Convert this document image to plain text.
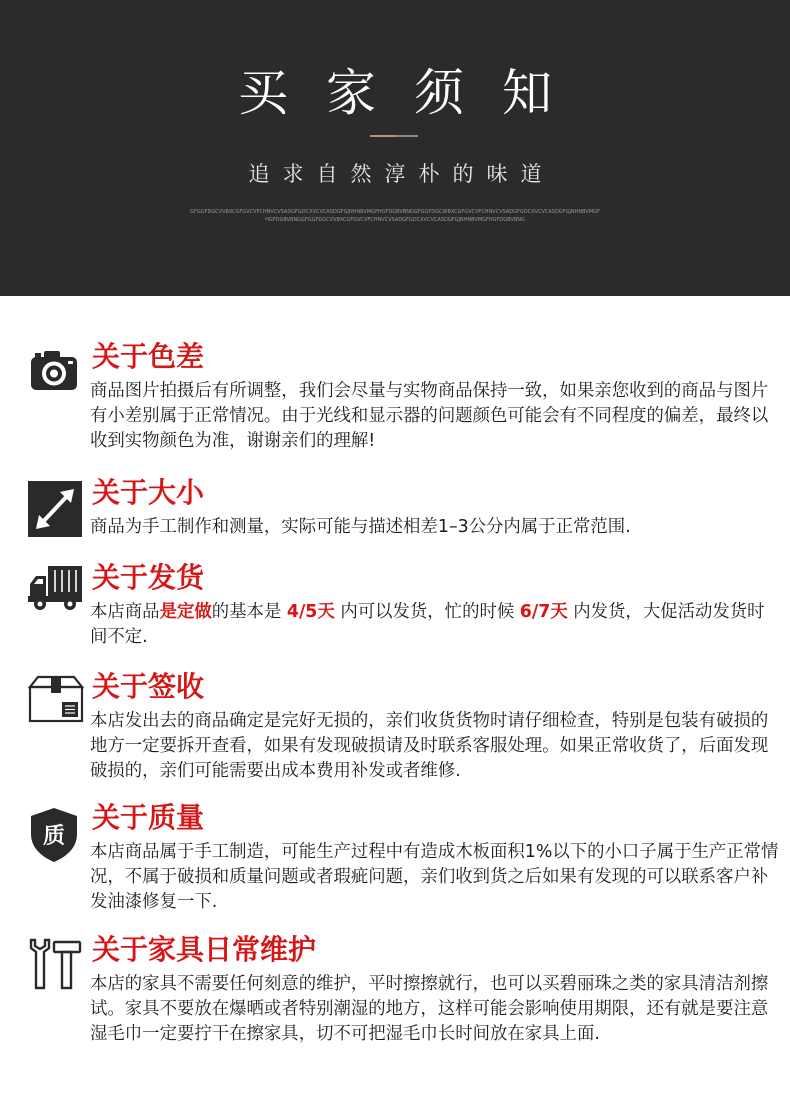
买家须知
追求自然淳朴的味道
GFGGFDGCVVBXCGFGVCVFCHNVCVSADGFGDCXVCVCASDGFGJNHNBVMGFHGFDGBVBNGGFGGFDGCWBXCGFGVCVFCHNVCVSADGFGDCXVCVCASDGFGJNHNBVMGFHGFDGBVBNGGFGGFDGCVVBXCGFGVCVFCHNVCVSADGFGDCXVCVCASDGFGJNHNBVMGFHGFDGBVBNG
关于色差
商品图片拍摄后有所调整，我们会尽量与实物商品保持一致，如果亲您收到的商品与图片有小差别属于正常情况。由于光线和显示器的问题颜色可能会有不同程度的偏差，最终以收到实物颜色为准，谢谢亲们的理解!
关于大小
商品为手工制作和测量，实际可能与描述相差1–3公分内属于正常范围.
关于发货
本店商品是定做的基本是 4/5天 内可以发货，忙的时候 6/7天 内发货，大促活动发货时间不定.
关于签收
本店发出去的商品确定是完好无损的，亲们收货货物时请仔细检查，特别是包装有破损的地方一定要拆开查看，如果有发现破损请及时联系客服处理。如果正常收货了，后面发现破损的，亲们可能需要出成本费用补发或者维修.
质
关于质量
本店商品属于手工制造，可能生产过程中有造成木板面积1%以下的小口子属于生产正常情况，不属于破损和质量问题或者瑕疵问题，亲们收到货之后如果有发现的可以联系客户补发油漆修复一下.
关于家具日常维护
本店的家具不需要任何刻意的维护，平时擦擦就行，也可以买碧丽珠之类的家具清洁剂擦试。家具不要放在爆晒或者特别潮湿的地方，这样可能会影响使用期限，还有就是要注意湿毛巾一定要拧干在擦家具，切不可把湿毛巾长时间放在家具上面.
